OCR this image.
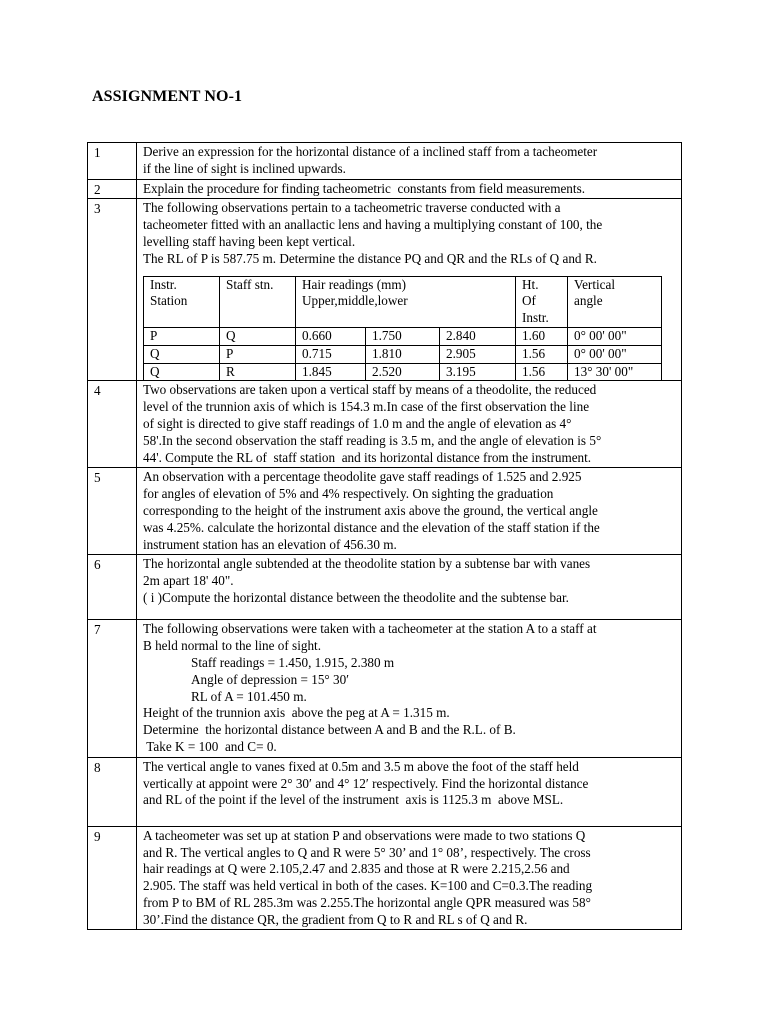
ASSIGNMENT NO-1
1	Derive an expression for the horizontal distance of a inclined staff from a tacheometer
if the line of sight is inclined upwards.

2	Explain the procedure for finding tacheometric  constants from field measurements.

3	The following observations pertain to a tacheometric traverse conducted with a
tacheometer fitted with an anallactic lens and having a multiplying constant of 100, the
levelling staff having been kept vertical.
The RL of P is 587.75 m. Determine the distance PQ and QR and the RLs of Q and R.
Instr.
Station	Staff stn.	Hair readings (mm)
Upper,middle,lower	Ht.
Of
Instr.	Vertical
angle

P	Q	0.660	1.750	2.840	1.60	0° 00' 00"
Q	P	0.715	1.810	2.905	1.56	0° 00' 00"
Q	R	1.845	2.520	3.195	1.56	13° 30' 00"

4	Two observations are taken upon a vertical staff by means of a theodolite, the reduced
level of the trunnion axis of which is 154.3 m.In case of the first observation the line
of sight is directed to give staff readings of 1.0 m and the angle of elevation as 4°
58'.In the second observation the staff reading is 3.5 m, and the angle of elevation is 5°
44'. Compute the RL of  staff station  and its horizontal distance from the instrument.

5	An observation with a percentage theodolite gave staff readings of 1.525 and 2.925
for angles of elevation of 5% and 4% respectively. On sighting the graduation
corresponding to the height of the instrument axis above the ground, the vertical angle
was 4.25%. calculate the horizontal distance and the elevation of the staff station if the
instrument station has an elevation of 456.30 m.

6	The horizontal angle subtended at the theodolite station by a subtense bar with vanes
2m apart 18' 40".
( i )Compute the horizontal distance between the theodolite and the subtense bar.

7	The following observations were taken with a tacheometer at the station A to a staff at
B held normal to the line of sight.
Staff readings = 1.450, 1.915, 2.380 m
Angle of depression = 15° 30′
RL of A = 101.450 m.
Height of the trunnion axis  above the peg at A = 1.315 m.
Determine  the horizontal distance between A and B and the R.L. of B.
Take K = 100  and C= 0.

8	The vertical angle to vanes fixed at 0.5m and 3.5 m above the foot of the staff held
vertically at appoint were 2° 30′ and 4° 12′ respectively. Find the horizontal distance
and RL of the point if the level of the instrument  axis is 1125.3 m  above MSL.

9	A tacheometer was set up at station P and observations were made to two stations Q
and R. The vertical angles to Q and R were 5° 30’ and 1° 08’, respectively. The cross
hair readings at Q were 2.105,2.47 and 2.835 and those at R were 2.215,2.56 and
2.905. The staff was held vertical in both of the cases. K=100 and C=0.3.The reading
from P to BM of RL 285.3m was 2.255.The horizontal angle QPR measured was 58°
30’.Find the distance QR, the gradient from Q to R and RL s of Q and R.
